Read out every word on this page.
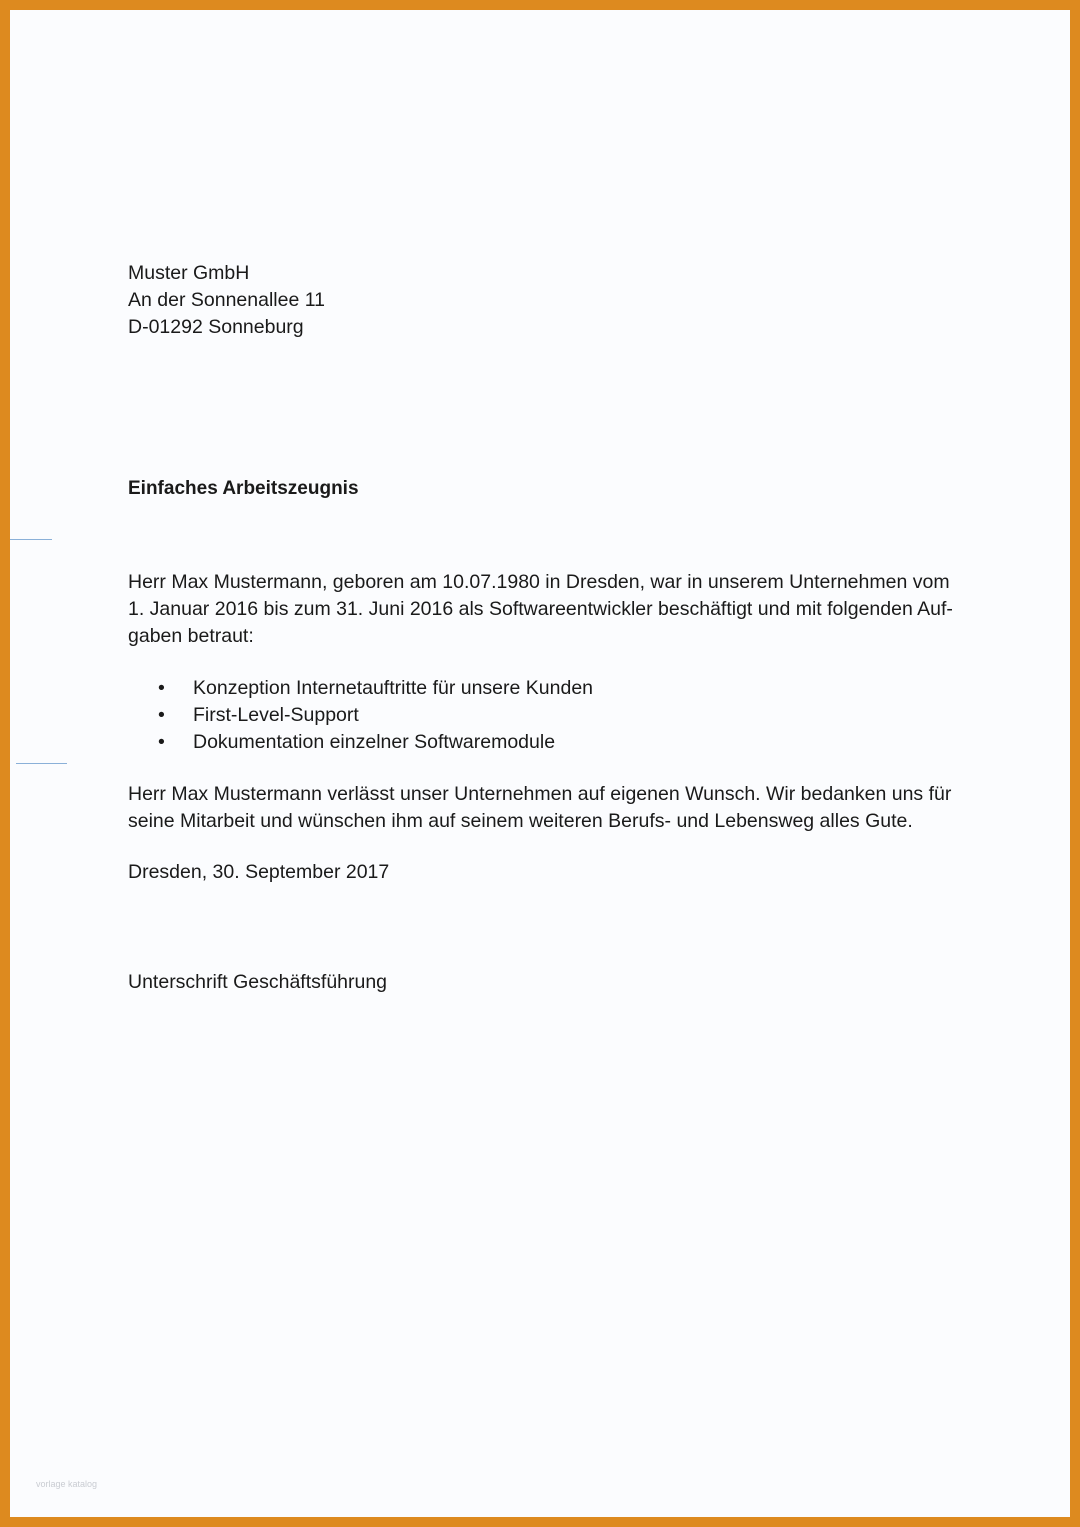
Muster GmbH
An der Sonnenallee 11
D-01292 Sonneburg
Einfaches Arbeitszeugnis
Herr Max Mustermann, geboren am 10.07.1980 in Dresden, war in unserem Unternehmen vom
1. Januar 2016 bis zum 31. Juni 2016 als Softwareentwickler beschäftigt und mit folgenden Auf-
gaben betraut:
•	Konzeption Internetauftritte für unsere Kunden
•	First-Level-Support
•	Dokumentation einzelner Softwaremodule
Herr Max Mustermann verlässt unser Unternehmen auf eigenen Wunsch. Wir bedanken uns für
seine Mitarbeit und wünschen ihm auf seinem weiteren Berufs- und Lebensweg alles Gute.
Dresden, 30. September 2017
Unterschrift Geschäftsführung
vorlage katalog
